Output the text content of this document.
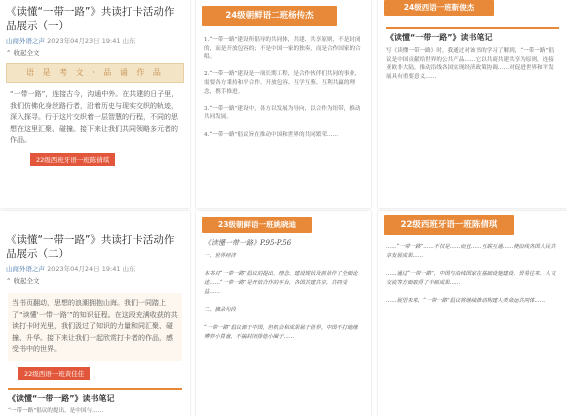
《读懂“一带一路”》共读打卡活动作品展示（一）
山商外语之声 2023年04月23日 19:41 山东
⌃ 收起全文
语 是 考 文 · 品 诵 作 品
“一带一路”，连接古今，沟通中外。在共建的日子里，我们仿佛化身丝路行者，沿着历史与现实交织的轨迹，深入探寻。行于这片交织着一层智慧的行程，不同的思想在这里汇聚、碰撞。接下来让我们共同领略多元者的作品。
22级西班牙语一班陈倩琪
《读懂“一带一路”》共读打卡活动作品展示（二）
山商外语之声 2023年04月24日 19:41 山东
⌃ 收起全文
当书页翻动，思想的浪潮拥抱山海。我们一同踏上了“读懂‘一带一路’”的知识征程。在这段充满收获的共读打卡时光里，我们汲过了知识的力量和同汇聚、碰撞、升华。接下来让我们一起欣赏打卡者的作品，感受书中的世界。
22级西语一班黄佳佳
《读懂“一带一路”》读书笔记
“一带一路”倡议的提出，是中国与……
24级朝鲜语二班杨传杰
1.“一带一路”建设所倡导的共同体，共建、共享原则，不是封闭的，而是开放包容的；不是中国一家的独奏，而是合作国家的合唱。

2.“一带一路”建设是一项长期工程，是合作伙伴们共同的事业，需要各方秉持和平合作、开放包容、互学互鉴、互利共赢的理念，携手推进。

3.“一带一路”建设中，各方以发展为导向，以合作为纽带，推动共同发展。

4.“一带一路”倡议旨在推动中国和世界的共同繁荣……
23级朝鲜语一班姚晓迪
《读懂一带一路》P.95-P.56
一、世界经济

本书对“一带一路”倡议的提出、理念、建设现状及前景作了全面论述……“一带一路”是开放合作的平台，各国共建共享，共同受益……

二、摘录句段

“一带一路”倡议源于中国，但机会和成果属于世界。中国不打地缘博弈小算盘，不搞封闭排他小圈子……
24级西语一班靳俊杰
《读懂“一带一路”》读书笔记
写《读懂一带一路》时，我通过对该书的学习了解到，“一带一路”倡议是中国贡献给世界的公共产品……它以共商共建共享为原则，连接亚欧非大陆，推动沿线各国实现经济政策协调……对促进世界和平发展具有重要意义……
22级西班牙语一班陈倩琪
……“一带一路”……不仅是……而且……互联互通……使沿线各国人民共享发展成果……

……通过“一带一路”，中国与沿线国家在基础设施建设、贸易往来、人文交流等方面取得了丰硕成果……

……展望未来，“一带一路”倡议将继续推动构建人类命运共同体……
